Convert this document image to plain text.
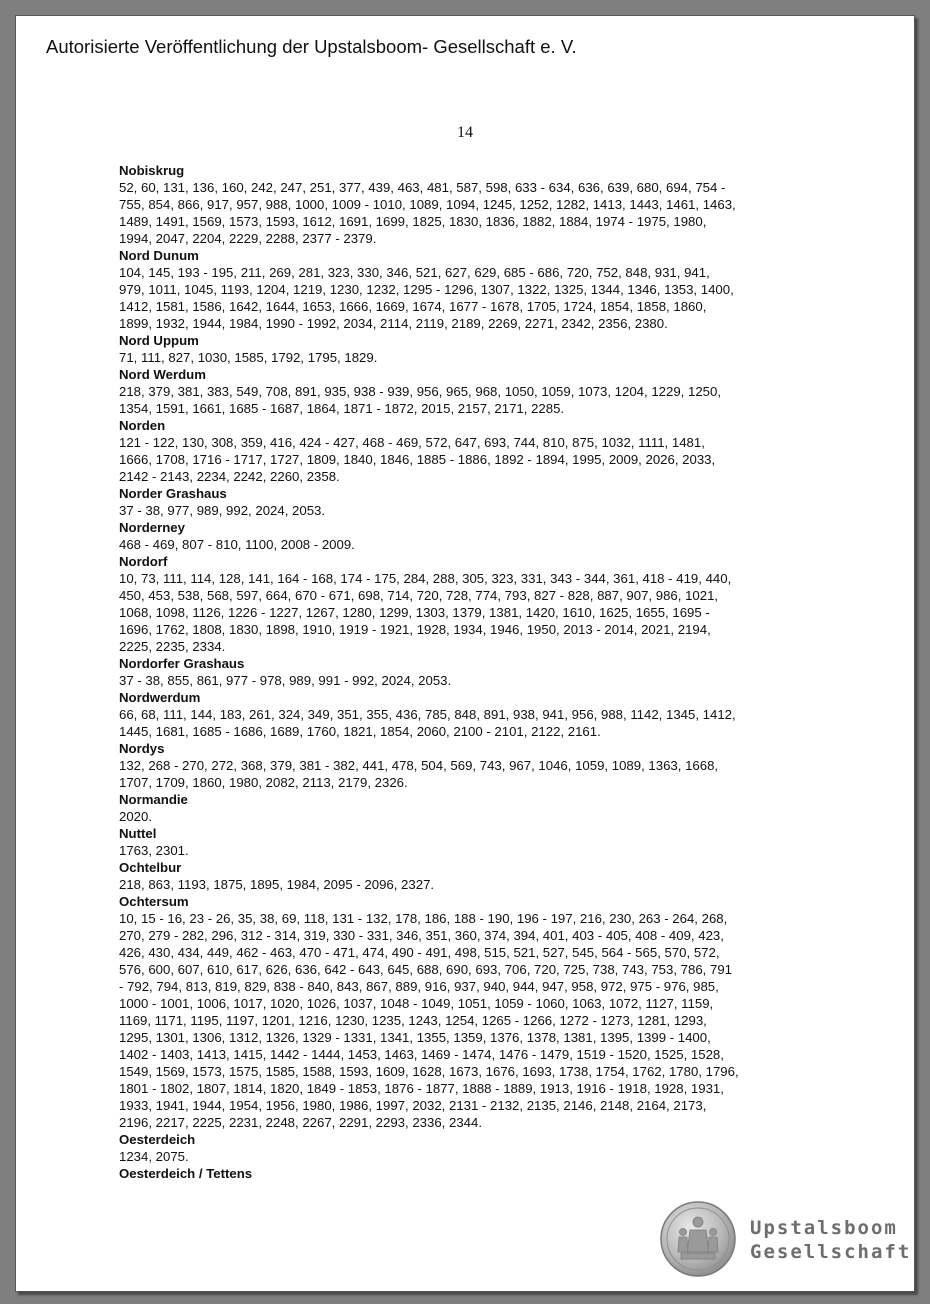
Autorisierte Veröffentlichung der Upstalsboom- Gesellschaft e. V.
14
Nobiskrug
52, 60, 131, 136, 160, 242, 247, 251, 377, 439, 463, 481, 587, 598, 633 - 634, 636, 639, 680, 694, 754 -
755, 854, 866, 917, 957, 988, 1000, 1009 - 1010, 1089, 1094, 1245, 1252, 1282, 1413, 1443, 1461, 1463,
1489, 1491, 1569, 1573, 1593, 1612, 1691, 1699, 1825, 1830, 1836, 1882, 1884, 1974 - 1975, 1980,
1994, 2047, 2204, 2229, 2288, 2377 - 2379.
Nord Dunum
104, 145, 193 - 195, 211, 269, 281, 323, 330, 346, 521, 627, 629, 685 - 686, 720, 752, 848, 931, 941,
979, 1011, 1045, 1193, 1204, 1219, 1230, 1232, 1295 - 1296, 1307, 1322, 1325, 1344, 1346, 1353, 1400,
1412, 1581, 1586, 1642, 1644, 1653, 1666, 1669, 1674, 1677 - 1678, 1705, 1724, 1854, 1858, 1860,
1899, 1932, 1944, 1984, 1990 - 1992, 2034, 2114, 2119, 2189, 2269, 2271, 2342, 2356, 2380.
Nord Uppum
71, 111, 827, 1030, 1585, 1792, 1795, 1829.
Nord Werdum
218, 379, 381, 383, 549, 708, 891, 935, 938 - 939, 956, 965, 968, 1050, 1059, 1073, 1204, 1229, 1250,
1354, 1591, 1661, 1685 - 1687, 1864, 1871 - 1872, 2015, 2157, 2171, 2285.
Norden
121 - 122, 130, 308, 359, 416, 424 - 427, 468 - 469, 572, 647, 693, 744, 810, 875, 1032, 1111, 1481,
1666, 1708, 1716 - 1717, 1727, 1809, 1840, 1846, 1885 - 1886, 1892 - 1894, 1995, 2009, 2026, 2033,
2142 - 2143, 2234, 2242, 2260, 2358.
Norder Grashaus
37 - 38, 977, 989, 992, 2024, 2053.
Norderney
468 - 469, 807 - 810, 1100, 2008 - 2009.
Nordorf
10, 73, 111, 114, 128, 141, 164 - 168, 174 - 175, 284, 288, 305, 323, 331, 343 - 344, 361, 418 - 419, 440,
450, 453, 538, 568, 597, 664, 670 - 671, 698, 714, 720, 728, 774, 793, 827 - 828, 887, 907, 986, 1021,
1068, 1098, 1126, 1226 - 1227, 1267, 1280, 1299, 1303, 1379, 1381, 1420, 1610, 1625, 1655, 1695 -
1696, 1762, 1808, 1830, 1898, 1910, 1919 - 1921, 1928, 1934, 1946, 1950, 2013 - 2014, 2021, 2194,
2225, 2235, 2334.
Nordorfer Grashaus
37 - 38, 855, 861, 977 - 978, 989, 991 - 992, 2024, 2053.
Nordwerdum
66, 68, 111, 144, 183, 261, 324, 349, 351, 355, 436, 785, 848, 891, 938, 941, 956, 988, 1142, 1345, 1412,
1445, 1681, 1685 - 1686, 1689, 1760, 1821, 1854, 2060, 2100 - 2101, 2122, 2161.
Nordys
132, 268 - 270, 272, 368, 379, 381 - 382, 441, 478, 504, 569, 743, 967, 1046, 1059, 1089, 1363, 1668,
1707, 1709, 1860, 1980, 2082, 2113, 2179, 2326.
Normandie
2020.
Nuttel
1763, 2301.
Ochtelbur
218, 863, 1193, 1875, 1895, 1984, 2095 - 2096, 2327.
Ochtersum
10, 15 - 16, 23 - 26, 35, 38, 69, 118, 131 - 132, 178, 186, 188 - 190, 196 - 197, 216, 230, 263 - 264, 268,
270, 279 - 282, 296, 312 - 314, 319, 330 - 331, 346, 351, 360, 374, 394, 401, 403 - 405, 408 - 409, 423,
426, 430, 434, 449, 462 - 463, 470 - 471, 474, 490 - 491, 498, 515, 521, 527, 545, 564 - 565, 570, 572,
576, 600, 607, 610, 617, 626, 636, 642 - 643, 645, 688, 690, 693, 706, 720, 725, 738, 743, 753, 786, 791
- 792, 794, 813, 819, 829, 838 - 840, 843, 867, 889, 916, 937, 940, 944, 947, 958, 972, 975 - 976, 985,
1000 - 1001, 1006, 1017, 1020, 1026, 1037, 1048 - 1049, 1051, 1059 - 1060, 1063, 1072, 1127, 1159,
1169, 1171, 1195, 1197, 1201, 1216, 1230, 1235, 1243, 1254, 1265 - 1266, 1272 - 1273, 1281, 1293,
1295, 1301, 1306, 1312, 1326, 1329 - 1331, 1341, 1355, 1359, 1376, 1378, 1381, 1395, 1399 - 1400,
1402 - 1403, 1413, 1415, 1442 - 1444, 1453, 1463, 1469 - 1474, 1476 - 1479, 1519 - 1520, 1525, 1528,
1549, 1569, 1573, 1575, 1585, 1588, 1593, 1609, 1628, 1673, 1676, 1693, 1738, 1754, 1762, 1780, 1796,
1801 - 1802, 1807, 1814, 1820, 1849 - 1853, 1876 - 1877, 1888 - 1889, 1913, 1916 - 1918, 1928, 1931,
1933, 1941, 1944, 1954, 1956, 1980, 1986, 1997, 2032, 2131 - 2132, 2135, 2146, 2148, 2164, 2173,
2196, 2217, 2225, 2231, 2248, 2267, 2291, 2293, 2336, 2344.
Oesterdeich
1234, 2075.
Oesterdeich / Tettens
Upstalsboom
Gesellschaft
